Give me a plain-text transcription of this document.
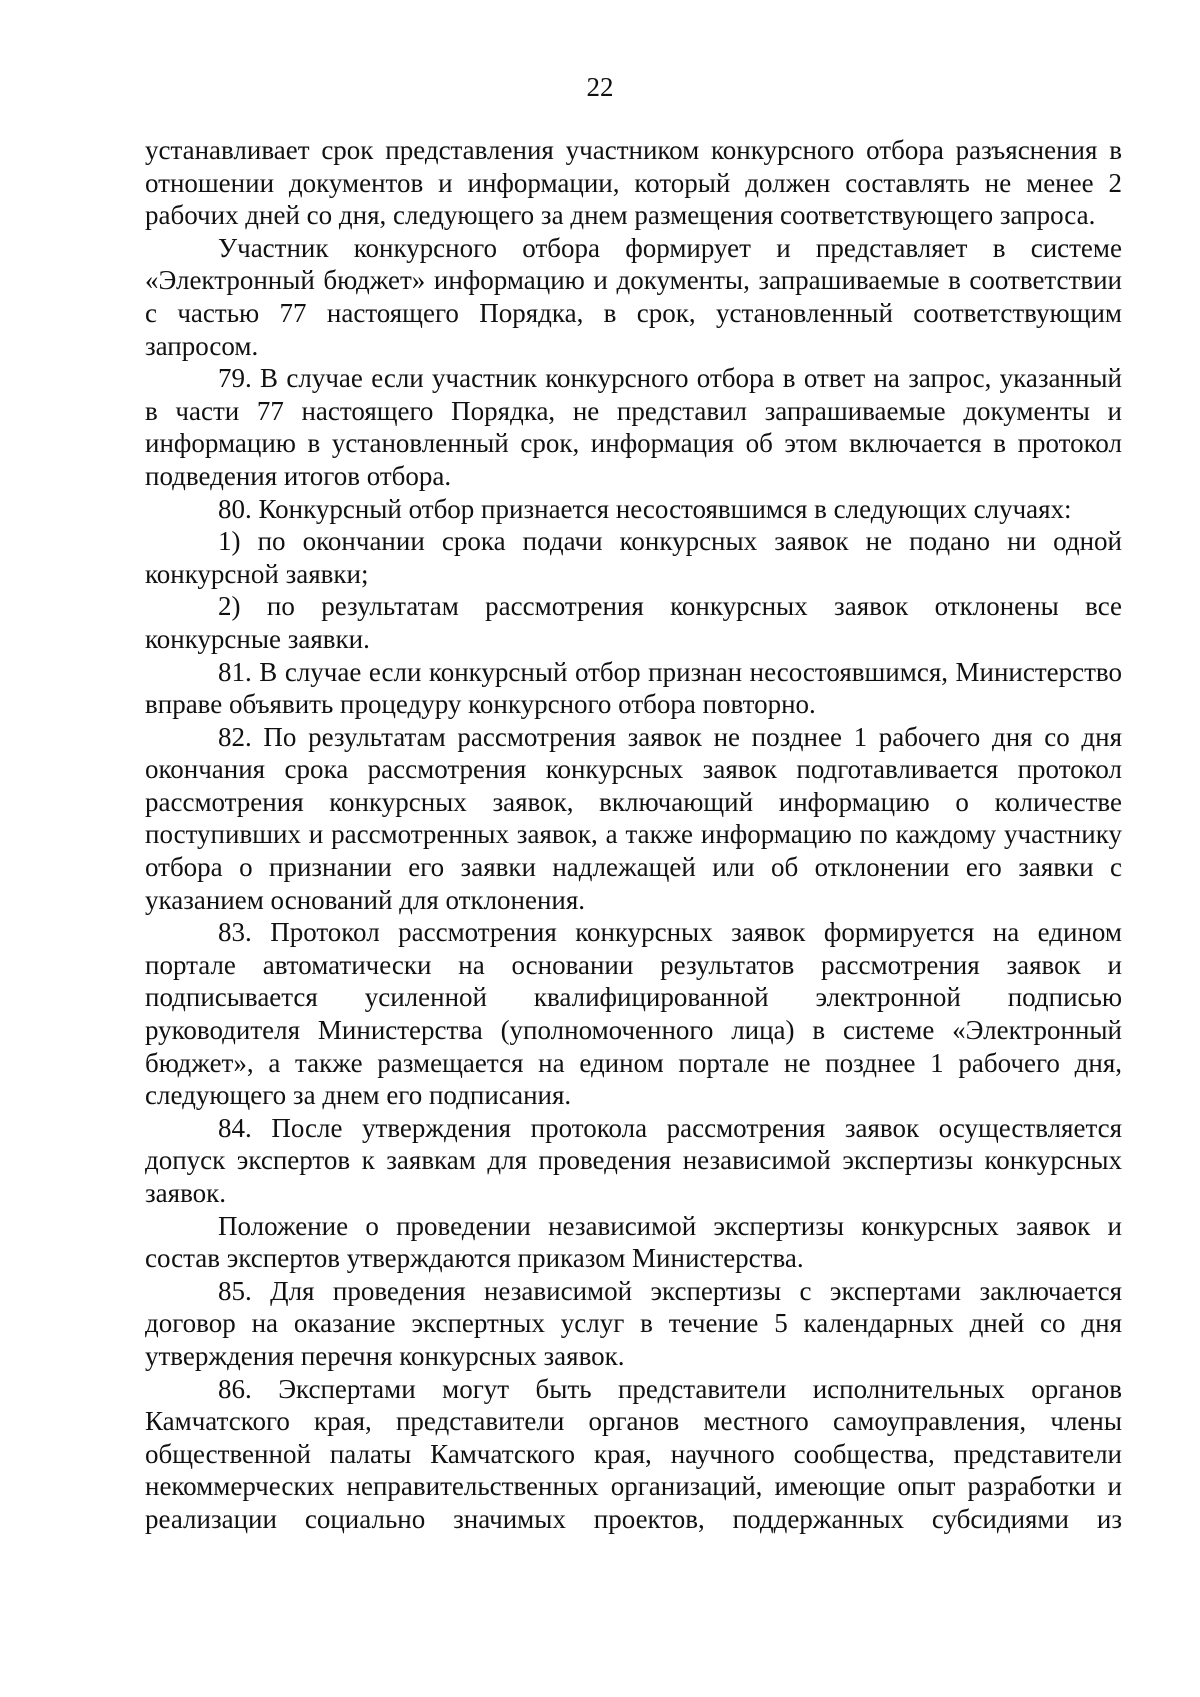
22

устанавливает срок представления участником конкурсного отбора разъяснения в отношении документов и информации, который должен составлять не менее 2 рабочих дней со дня, следующего за днем размещения соответствующего запроса.

Участник конкурсного отбора формирует и представляет в системе «Электронный бюджет» информацию и документы, запрашиваемые в соответствии с частью 77 настоящего Порядка, в срок, установленный соответствующим запросом.

79. В случае если участник конкурсного отбора в ответ на запрос, указанный в части 77 настоящего Порядка, не представил запрашиваемые документы и информацию в установленный срок, информация об этом включается в протокол подведения итогов отбора.

80. Конкурсный отбор признается несостоявшимся в следующих случаях:

1) по окончании срока подачи конкурсных заявок не подано ни одной конкурсной заявки;

2) по результатам рассмотрения конкурсных заявок отклонены все конкурсные заявки.

81. В случае если конкурсный отбор признан несостоявшимся, Министерство вправе объявить процедуру конкурсного отбора повторно.

82. По результатам рассмотрения заявок не позднее 1 рабочего дня со дня окончания срока рассмотрения конкурсных заявок подготавливается протокол рассмотрения конкурсных заявок, включающий информацию о количестве поступивших и рассмотренных заявок, а также информацию по каждому участнику отбора о признании его заявки надлежащей или об отклонении его заявки с указанием оснований для отклонения.

83. Протокол рассмотрения конкурсных заявок формируется на едином портале автоматически на основании результатов рассмотрения заявок и подписывается усиленной квалифицированной электронной подписью руководителя Министерства (уполномоченного лица) в системе «Электронный бюджет», а также размещается на едином портале не позднее 1 рабочего дня, следующего за днем его подписания.

84. После утверждения протокола рассмотрения заявок осуществляется допуск экспертов к заявкам для проведения независимой экспертизы конкурсных заявок.

Положение о проведении независимой экспертизы конкурсных заявок и состав экспертов утверждаются приказом Министерства.

85. Для проведения независимой экспертизы с экспертами заключается договор на оказание экспертных услуг в течение 5 календарных дней со дня утверждения перечня конкурсных заявок.

86. Экспертами могут быть представители исполнительных органов Камчатского края, представители органов местного самоуправления, члены общественной палаты Камчатского края, научного сообщества, представители некоммерческих неправительственных организаций, имеющие опыт разработки и реализации социально значимых проектов, поддержанных субсидиями из
